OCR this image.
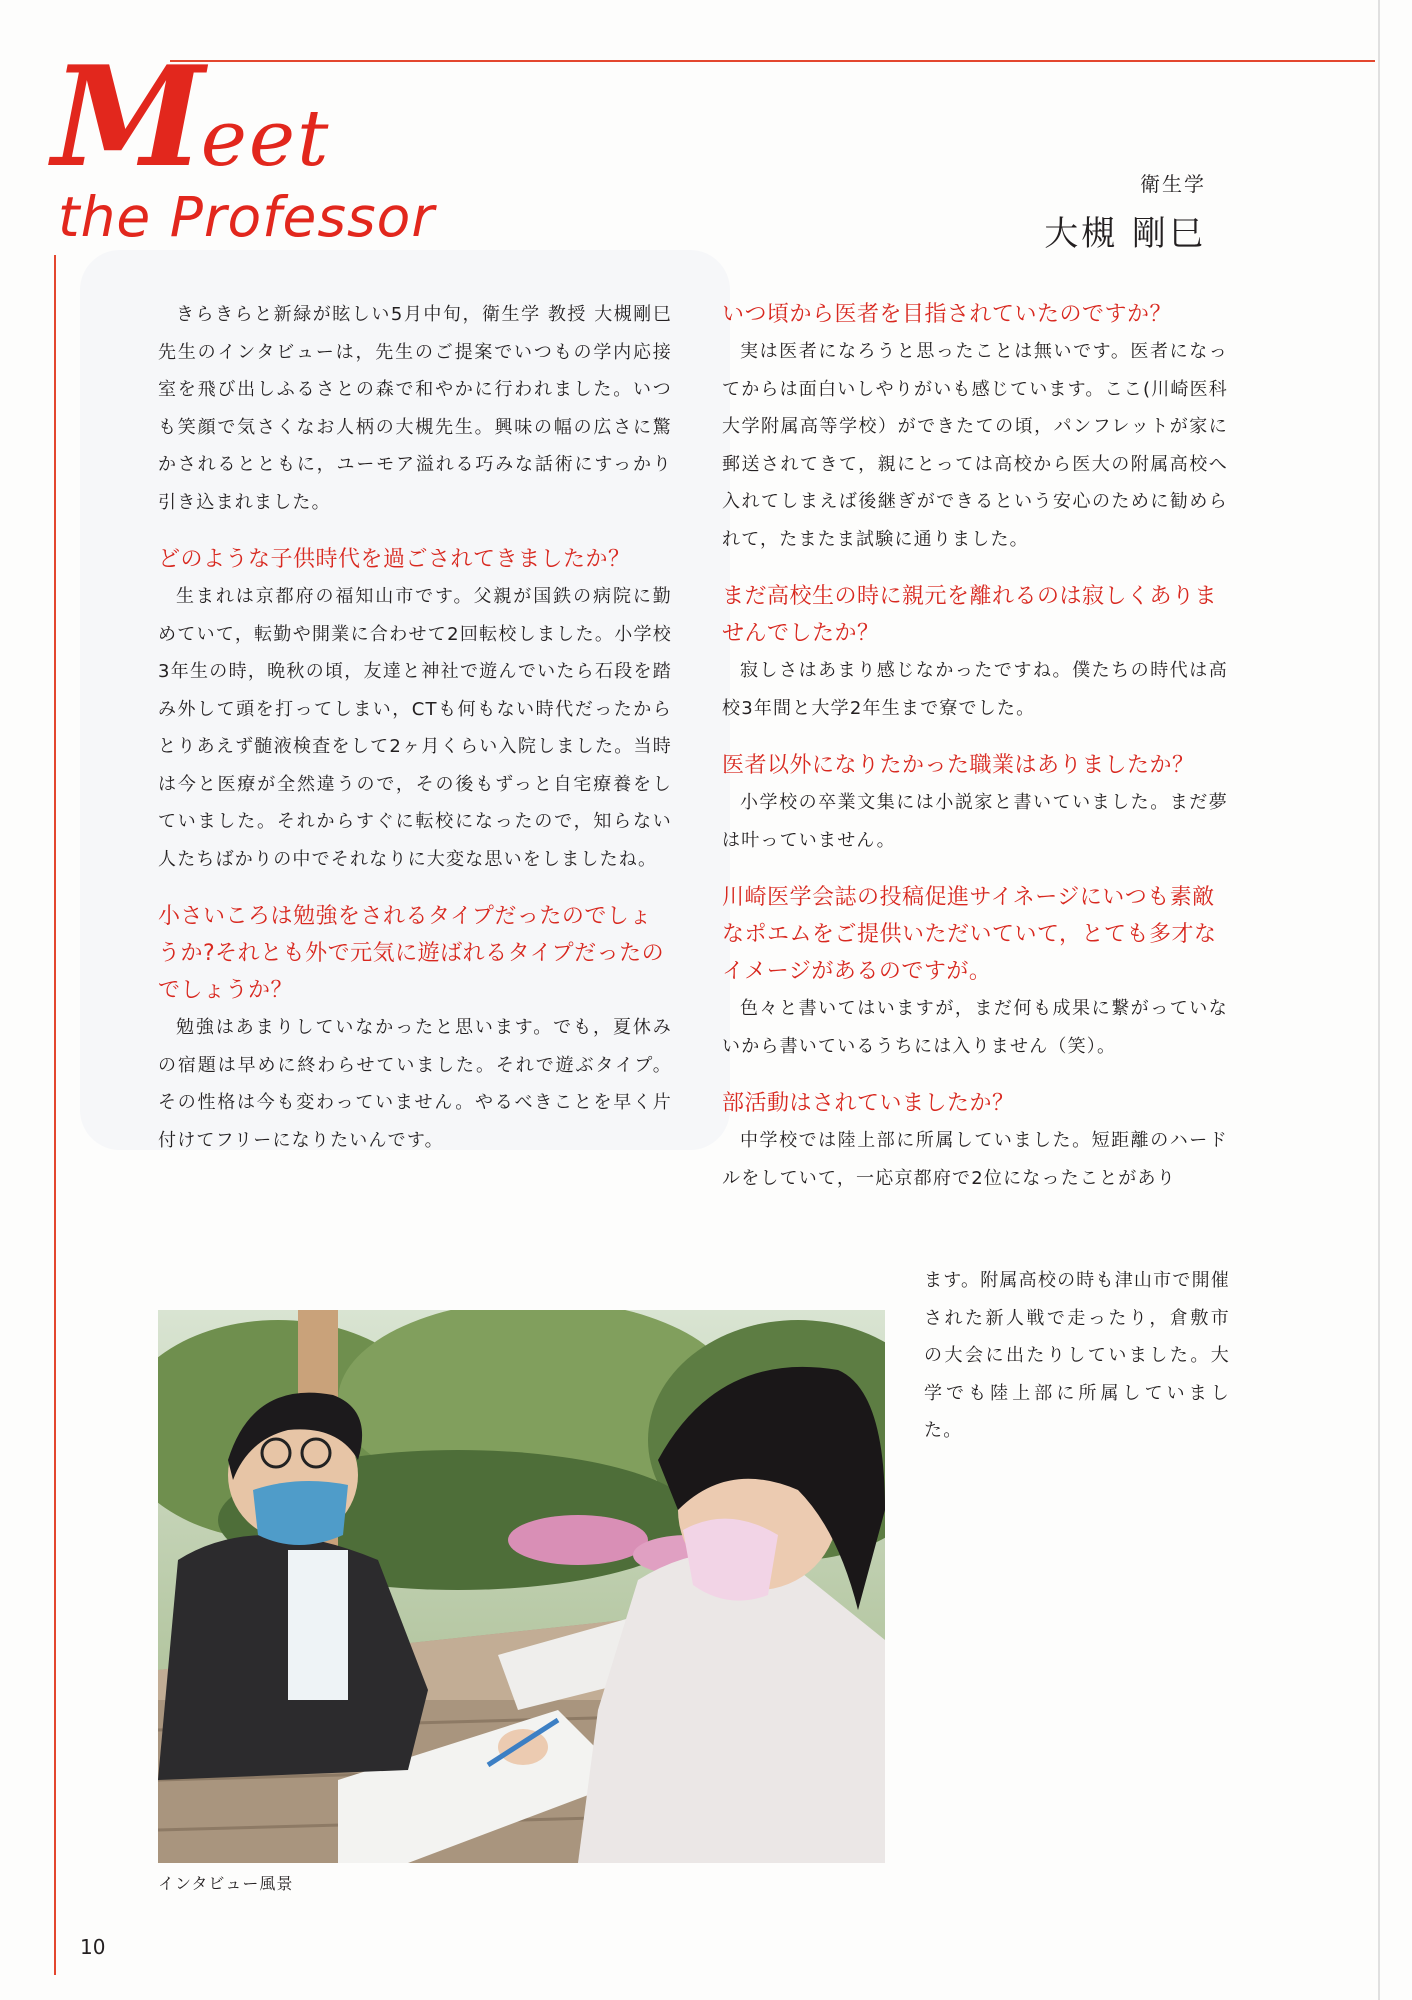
Meet
the Professor
衛生学
大槻 剛巳

きらきらと新緑が眩しい5月中旬，衛生学 教授 大槻剛巳先生のインタビューは，先生のご提案でいつもの学内応接室を飛び出しふるさとの森で和やかに行われました。いつも笑顔で気さくなお人柄の大槻先生。興味の幅の広さに驚かされるとともに，ユーモア溢れる巧みな話術にすっかり引き込まれました。

どのような子供時代を過ごされてきましたか？

生まれは京都府の福知山市です。父親が国鉄の病院に勤めていて，転勤や開業に合わせて2回転校しました。小学校3年生の時，晩秋の頃，友達と神社で遊んでいたら石段を踏み外して頭を打ってしまい，CTも何もない時代だったからとりあえず髄液検査をして2ヶ月くらい入院しました。当時は今と医療が全然違うので，その後もずっと自宅療養をしていました。それからすぐに転校になったので，知らない人たちばかりの中でそれなりに大変な思いをしましたね。

小さいころは勉強をされるタイプだったのでしょうか?それとも外で元気に遊ばれるタイプだったのでしょうか？

勉強はあまりしていなかったと思います。でも，夏休みの宿題は早めに終わらせていました。それで遊ぶタイプ。その性格は今も変わっていません。やるべきことを早く片付けてフリーになりたいんです。

いつ頃から医者を目指されていたのですか？

実は医者になろうと思ったことは無いです。医者になってからは面白いしやりがいも感じています。ここ(川崎医科大学附属高等学校）ができたての頃，パンフレットが家に郵送されてきて，親にとっては高校から医大の附属高校へ入れてしまえば後継ぎができるという安心のために勧められて，たまたま試験に通りました。

まだ高校生の時に親元を離れるのは寂しくありませんでしたか？

寂しさはあまり感じなかったですね。僕たちの時代は高校3年間と大学2年生まで寮でした。

医者以外になりたかった職業はありましたか？

小学校の卒業文集には小説家と書いていました。まだ夢は叶っていません。

川崎医学会誌の投稿促進サイネージにいつも素敵なポエムをご提供いただいていて，とても多才なイメージがあるのですが。

色々と書いてはいますが，まだ何も成果に繋がっていないから書いているうちには入りません（笑）。

部活動はされていましたか？

中学校では陸上部に所属していました。短距離のハードルをしていて，一応京都府で2位になったことがあり

ます。附属高校の時も津山市で開催された新人戦で走ったり，倉敷市の大会に出たりしていました。大学でも陸上部に所属していました。

インタビュー風景
10
